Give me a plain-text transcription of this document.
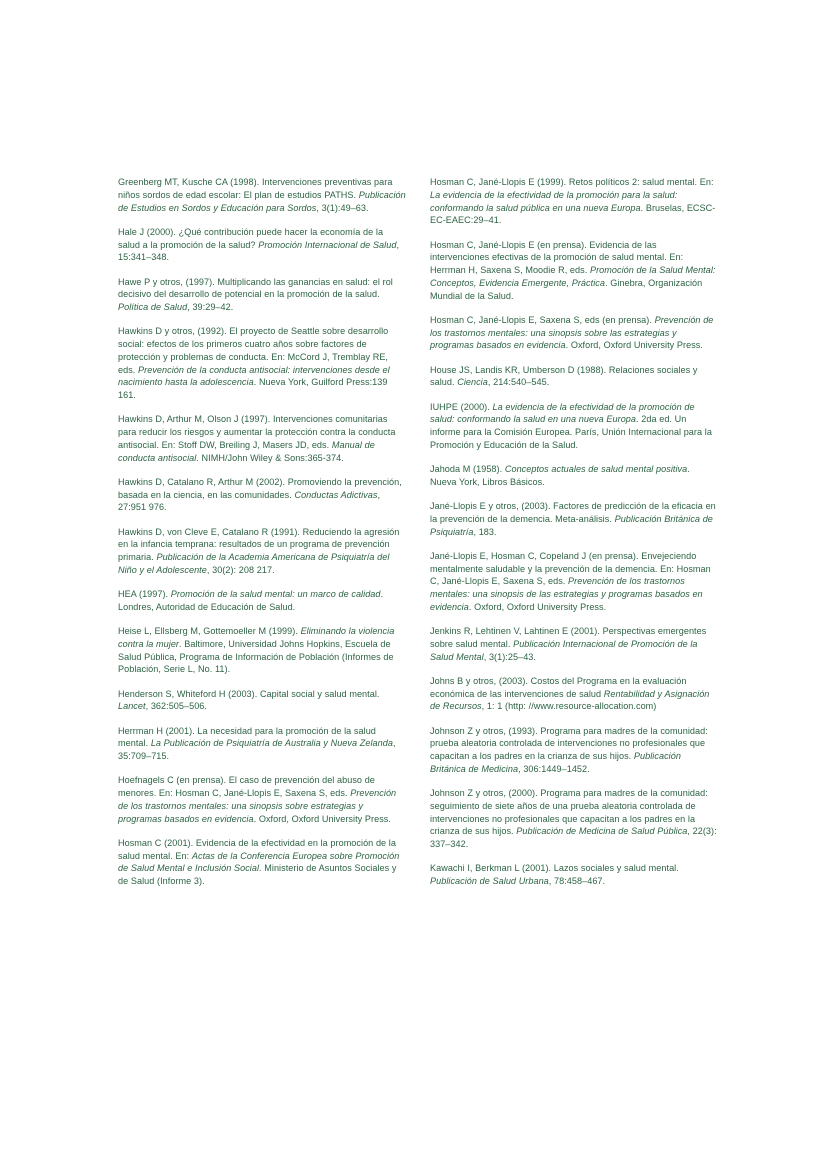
Greenberg MT, Kusche CA (1998). Intervenciones preventivas para niños sordos de edad escolar: El plan de estudios PATHS. Publicación de Estudios en Sordos y Educación para Sordos, 3(1):49–63.

Hale J (2000). ¿Qué contribución puede hacer la economía de la salud a la promoción de la salud? Promoción Internacional de Salud, 15:341–348.

Hawe P y otros, (1997). Multiplicando las ganancias en salud: el rol decisivo del desarrollo de potencial en la promoción de la salud. Política de Salud, 39:29–42.

Hawkins D y otros, (1992). El proyecto de Seattle sobre desarrollo social: efectos de los primeros cuatro años sobre factores de protección y problemas de conducta. En: McCord J, Tremblay RE, eds. Prevención de la conducta antisocial: intervenciones desde el nacimiento hasta la adolescencia. Nueva York, Guilford Press:139 161.

Hawkins D, Arthur M, Olson J (1997). Intervenciones comunitarias para reducir los riesgos y aumentar la protección contra la conducta antisocial. En: Stoff DW, Breiling J, Masers JD, eds. Manual de conducta antisocial. NIMH/John Wiley & Sons:365-374.

Hawkins D, Catalano R, Arthur M (2002). Promoviendo la prevención, basada en la ciencia, en las comunidades. Conductas Adictivas, 27:951 976.

Hawkins D, von Cleve E, Catalano R (1991). Reduciendo la agresión en la infancia temprana: resultados de un programa de prevención primaria. Publicación de la Academia Americana de Psiquiatría del Niño y el Adolescente, 30(2): 208 217.

HEA (1997). Promoción de la salud mental: un marco de calidad. Londres, Autoridad de Educación de Salud.

Heise L, Ellsberg M, Gottemoeller M (1999). Eliminando la violencia contra la mujer. Baltimore, Universidad Johns Hopkins, Escuela de Salud Pública, Programa de Información de Población (Informes de Población, Serie L, No. 11).

Henderson S, Whiteford H (2003). Capital social y salud mental. Lancet, 362:505–506.

Herrman H (2001). La necesidad para la promoción de la salud mental. La Publicación de Psiquiatría de Australia y Nueva Zelanda, 35:709–715.

Hoefnagels C (en prensa). El caso de prevención del abuso de menores. En: Hosman C, Jané-Llopis E, Saxena S, eds. Prevención de los trastornos mentales: una sinopsis sobre estrategias y programas basados en evidencia. Oxford, Oxford University Press.

Hosman C (2001). Evidencia de la efectividad en la promoción de la salud mental. En: Actas de la Conferencia Europea sobre Promoción de Salud Mental e Inclusión Social. Ministerio de Asuntos Sociales y de Salud (Informe 3).

Hosman C, Jané-Llopis E (1999). Retos políticos 2: salud mental. En: La evidencia de la efectividad de la promoción para la salud: conformando la salud pública en una nueva Europa. Bruselas, ECSC-EC-EAEC:29–41.

Hosman C, Jané-Llopis E (en prensa). Evidencia de las intervenciones efectivas de la promoción de salud mental. En: Herrman H, Saxena S, Moodie R, eds. Promoción de la Salud Mental: Conceptos, Evidencia Emergente, Práctica. Ginebra, Organización Mundial de la Salud.

Hosman C, Jané-Llopis E, Saxena S, eds (en prensa). Prevención de los trastornos mentales: una sinopsis sobre las estrategias y programas basados en evidencia. Oxford, Oxford University Press.

House JS, Landis KR, Umberson D (1988). Relaciones sociales y salud. Ciencia, 214:540–545.

IUHPE (2000). La evidencia de la efectividad de la promoción de salud: conformando la salud en una nueva Europa. 2da ed. Un informe para la Comisión Europea. París, Unión Internacional para la Promoción y Educación de la Salud.

Jahoda M (1958). Conceptos actuales de salud mental positiva. Nueva York, Libros Básicos.

Jané-Llopis E y otros, (2003). Factores de predicción de la eficacia en la prevención de la demencia. Meta-análisis. Publicación Británica de Psiquiatría, 183.

Jané-Llopis E, Hosman C, Copeland J (en prensa). Envejeciendo mentalmente saludable y la prevención de la demencia. En: Hosman C, Jané-Llopis E, Saxena S, eds. Prevención de los trastornos mentales: una sinopsis de las estrategias y programas basados en evidencia. Oxford, Oxford University Press.

Jenkins R, Lehtinen V, Lahtinen E (2001). Perspectivas emergentes sobre salud mental. Publicación Internacional de Promoción de la Salud Mental, 3(1):25–43.

Johns B y otros, (2003). Costos del Programa en la evaluación económica de las intervenciones de salud Rentabilidad y Asignación de Recursos, 1: 1 (http: //www.resource-allocation.com)

Johnson Z y otros, (1993). Programa para madres de la comunidad: prueba aleatoria controlada de intervenciones no profesionales que capacitan a los padres en la crianza de sus hijos. Publicación Británica de Medicina, 306:1449–1452.

Johnson Z y otros, (2000). Programa para madres de la comunidad: seguimiento de siete años de una prueba aleatoria controlada de intervenciones no profesionales que capacitan a los padres en la crianza de sus hijos. Publicación de Medicina de Salud Pública, 22(3): 337–342.

Kawachi I, Berkman L (2001). Lazos sociales y salud mental. Publicación de Salud Urbana, 78:458–467.
